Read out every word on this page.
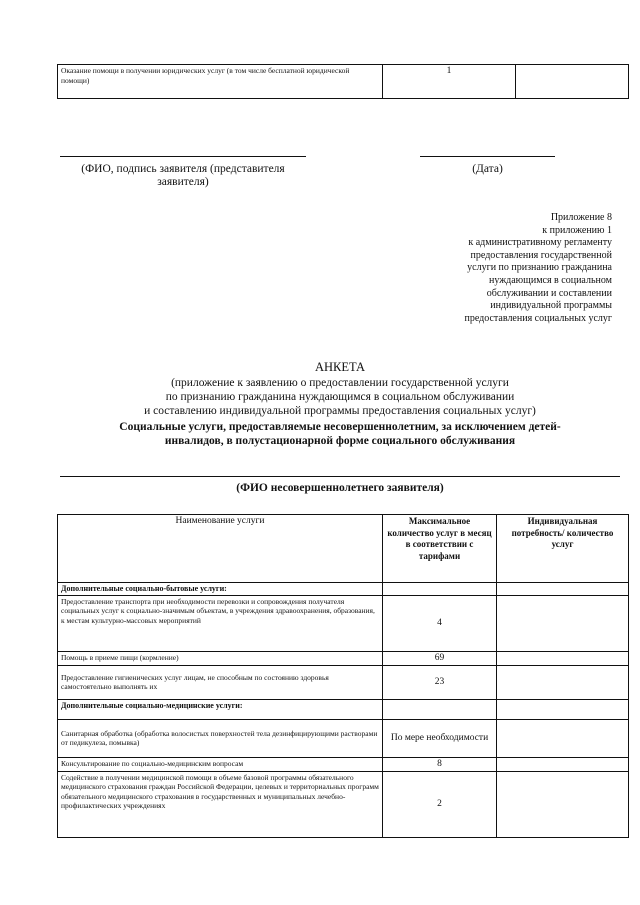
Оказание помощи в получении юридических услуг (в том числе бесплатной юридической помощи)	1	
(ФИО, подпись заявителя (представителя заявителя)
(Дата)
Приложение 8
к приложению 1
к административному регламенту
предоставления государственной
услуги по признанию гражданина
нуждающимся в социальном
обслуживании и составлении
индивидуальной программы
предоставления социальных услуг
АНКЕТА
(приложение к заявлению о предоставлении государственной услуги
по признанию гражданина нуждающимся в социальном обслуживании
и составлению индивидуальной программы предоставления социальных услуг)
Социальные услуги, предоставляемые несовершеннолетним, за исключением детей-
инвалидов, в полустационарной форме социального обслуживания
(ФИО несовершеннолетнего заявителя)
Наименование услуги	Максимальное количество услуг в месяц в соответствии с тарифами	Индивидуальная потребность/ количество услуг
Дополнительные социально-бытовые услуги:		
Предоставление транспорта при необходимости перевозки и сопровождения получателя социальных услуг к социально-значимым объектам, в учреждения здравоохранения, образования, к местам культурно-массовых мероприятий	4	
Помощь в приеме пищи (кормление)	69	
Предоставление гигиенических услуг лицам, не способным по состоянию здоровья самостоятельно выполнять их	23	
Дополнительные социально-медицинские услуги:		
Санитарная обработка (обработка волосистых поверхностей тела дезинфицирующими растворами от педикулеза, помывка)	По мере необходимости	
Консультирование по социально-медицинским вопросам	8	
Содействие в получении медицинской помощи в объеме базовой программы обязательного медицинского страхования граждан Российской Федерации, целевых и территориальных программ обязательного медицинского страхования в государственных и муниципальных лечебно-профилактических учреждениях	2	
